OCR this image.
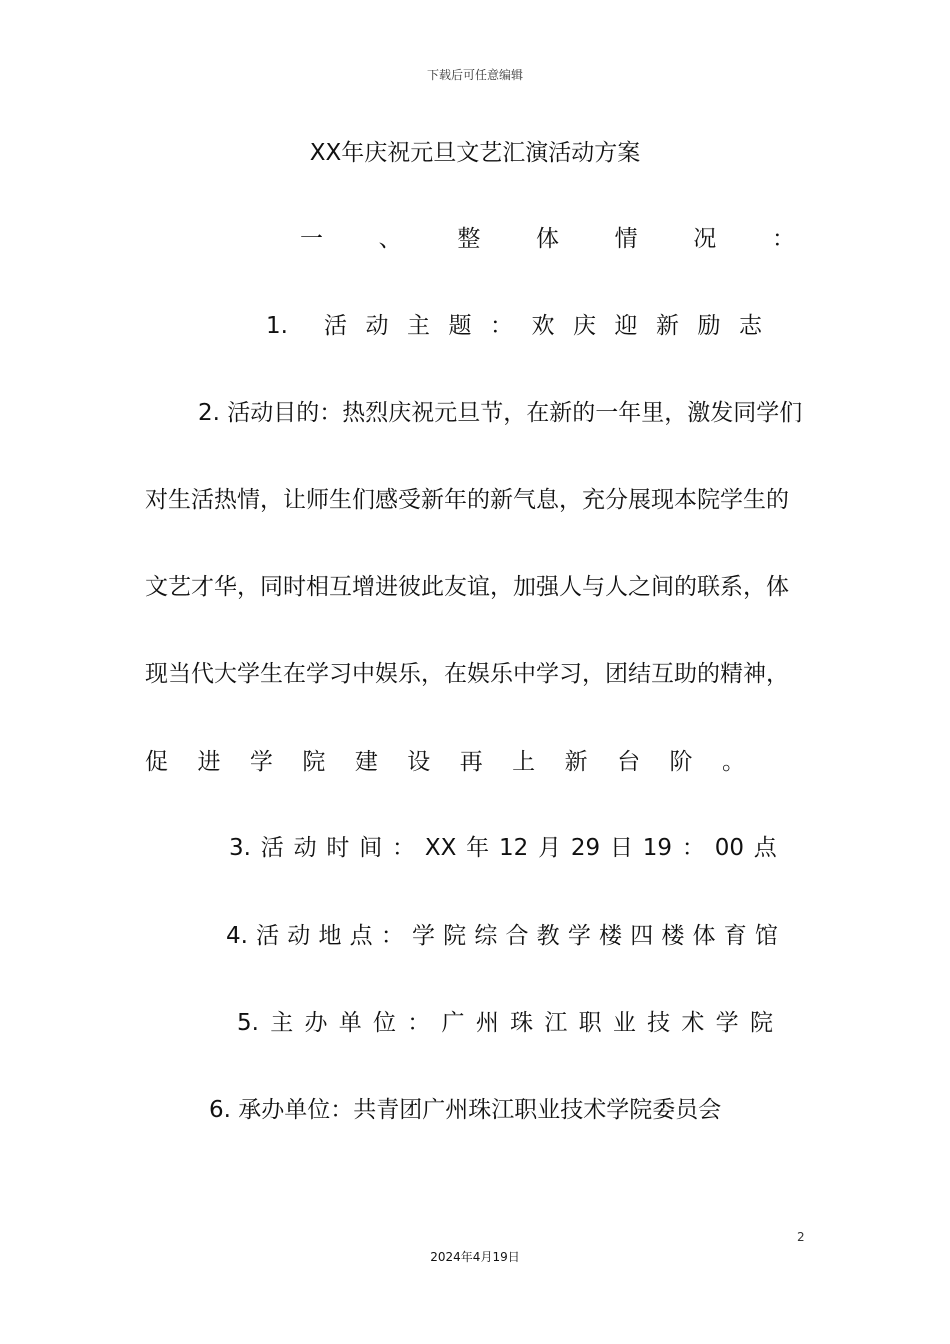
下载后可任意编辑
XX年庆祝元旦文艺汇演活动方案
一 、 整 体 情 况 ：
1.	活 动 主 题 ： 欢 庆 迎 新 励 志
2. 活动目的：热烈庆祝元旦节，在新的一年里，激发同学们
对生活热情，让师生们感受新年的新气息，充分展现本院学生的
文艺才华，同时相互增进彼此友谊，加强人与人之间的联系，体
现当代大学生在学习中娱乐，在娱乐中学习，团结互助的精神，
促 进 学 院 建 设 再 上 新 台 阶 。
3. 活 动 时 间 ： XX 年 12 月 29 日 19 ： 00 点
4. 活 动 地 点 ： 学 院 综 合 教 学 楼 四 楼 体 育 馆
5. 主 办 单 位 ： 广 州 珠 江 职 业 技 术 学 院
6. 承办单位：共青团广州珠江职业技术学院委员会
2
2024年4月19日
